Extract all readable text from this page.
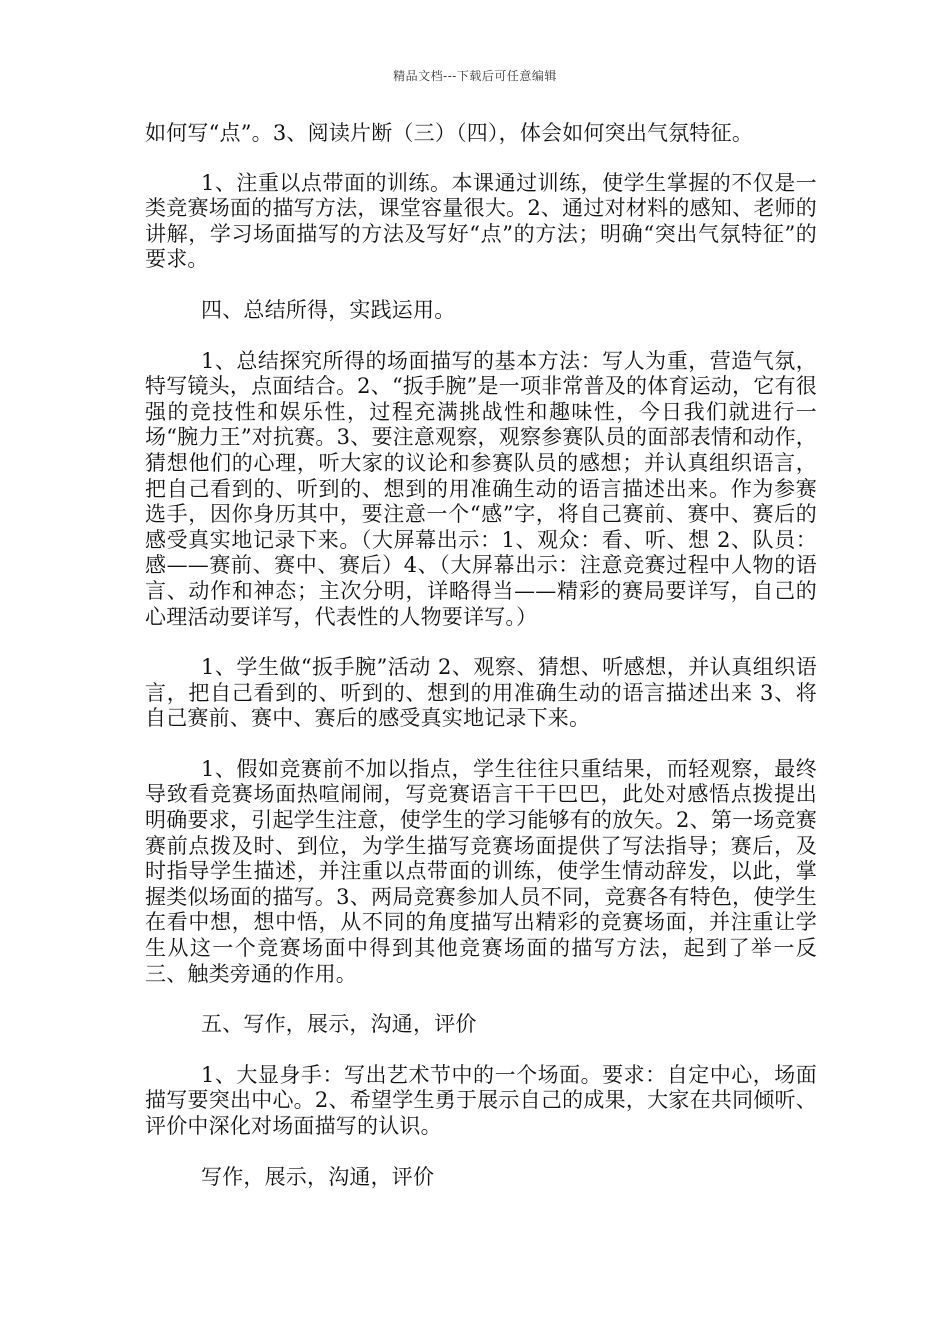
精品文档---下载后可任意编辑

如何写“点”。3、阅读片断（三）（四），体会如何突出气氛特征。

1、注重以点带面的训练。本课通过训练，使学生掌握的不仅是一类竞赛场面的描写方法，课堂容量很大。2、通过对材料的感知、老师的讲解，学习场面描写的方法及写好“点”的方法；明确“突出气氛特征”的要求。

四、总结所得，实践运用。

1、总结探究所得的场面描写的基本方法：写人为重，营造气氛，特写镜头，点面结合。2、“扳手腕”是一项非常普及的体育运动，它有很强的竞技性和娱乐性，过程充满挑战性和趣味性，今日我们就进行一场“腕力王”对抗赛。3、要注意观察，观察参赛队员的面部表情和动作，猜想他们的心理，听大家的议论和参赛队员的感想；并认真组织语言，把自己看到的、听到的、想到的用准确生动的语言描述出来。作为参赛选手，因你身历其中，要注意一个“感”字，将自己赛前、赛中、赛后的感受真实地记录下来。（大屏幕出示：1、观众：看、听、想 2、队员：感——赛前、赛中、赛后）4、（大屏幕出示：注意竞赛过程中人物的语言、动作和神态；主次分明，详略得当——精彩的赛局要详写，自己的心理活动要详写，代表性的人物要详写。）

1、学生做“扳手腕”活动 2、观察、猜想、听感想，并认真组织语言，把自己看到的、听到的、想到的用准确生动的语言描述出来 3、将自己赛前、赛中、赛后的感受真实地记录下来。

1、假如竞赛前不加以指点，学生往往只重结果，而轻观察，最终导致看竞赛场面热喧闹闹，写竞赛语言干干巴巴，此处对感悟点拨提出明确要求，引起学生注意，使学生的学习能够有的放矢。2、第一场竞赛赛前点拨及时、到位，为学生描写竞赛场面提供了写法指导；赛后，及时指导学生描述，并注重以点带面的训练，使学生情动辞发，以此，掌握类似场面的描写。3、两局竞赛参加人员不同，竞赛各有特色，使学生在看中想，想中悟，从不同的角度描写出精彩的竞赛场面，并注重让学生从这一个竞赛场面中得到其他竞赛场面的描写方法，起到了举一反三、触类旁通的作用。

五、写作，展示，沟通，评价

1、大显身手：写出艺术节中的一个场面。要求：自定中心，场面描写要突出中心。2、希望学生勇于展示自己的成果，大家在共同倾听、评价中深化对场面描写的认识。

写作，展示，沟通，评价
